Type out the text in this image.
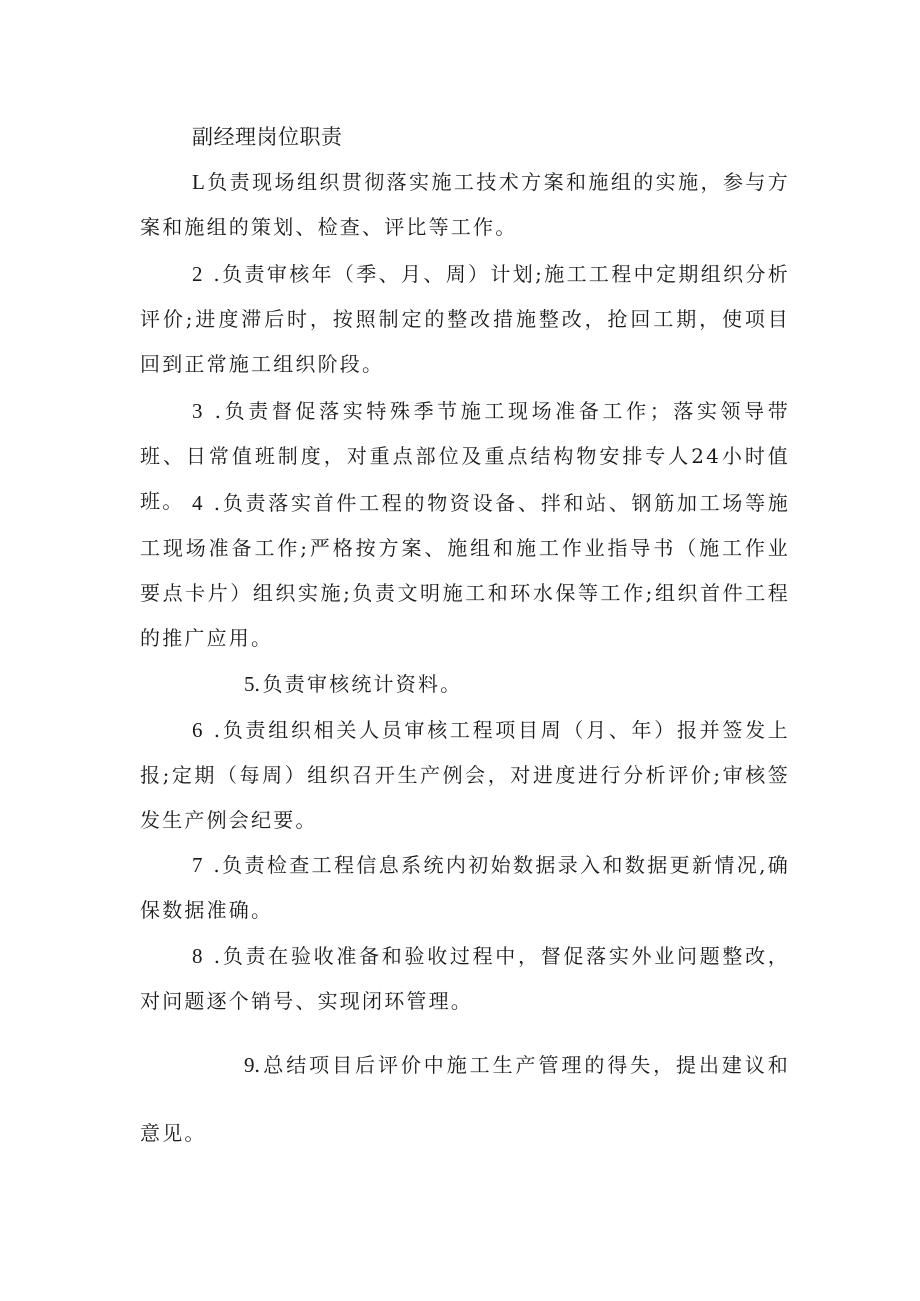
副经理岗位职责
L负责现场组织贯彻落实施工技术方案和施组的实施，参与方案和施组的策划、检查、评比等工作。
2 .负责审核年（季、月、周）计划;施工工程中定期组织分析评价;进度滞后时，按照制定的整改措施整改，抢回工期，使项目回到正常施工组织阶段。
3 .负责督促落实特殊季节施工现场准备工作；落实领导带班、日常值班制度，对重点部位及重点结构物安排专人24小时值班。 4 .负责落实首件工程的物资设备、拌和站、钢筋加工场等施工现场准备工作;严格按方案、施组和施工作业指导书（施工作业要点卡片）组织实施;负责文明施工和环水保等工作;组织首件工程的推广应用。
5.负责审核统计资料。
6 .负责组织相关人员审核工程项目周（月、年）报并签发上报;定期（每周）组织召开生产例会，对进度进行分析评价;审核签发生产例会纪要。
7 .负责检查工程信息系统内初始数据录入和数据更新情况,确保数据准确。
8 .负责在验收准备和验收过程中，督促落实外业问题整改，对问题逐个销号、实现闭环管理。
9.总结项目后评价中施工生产管理的得失，提出建议和意见。
